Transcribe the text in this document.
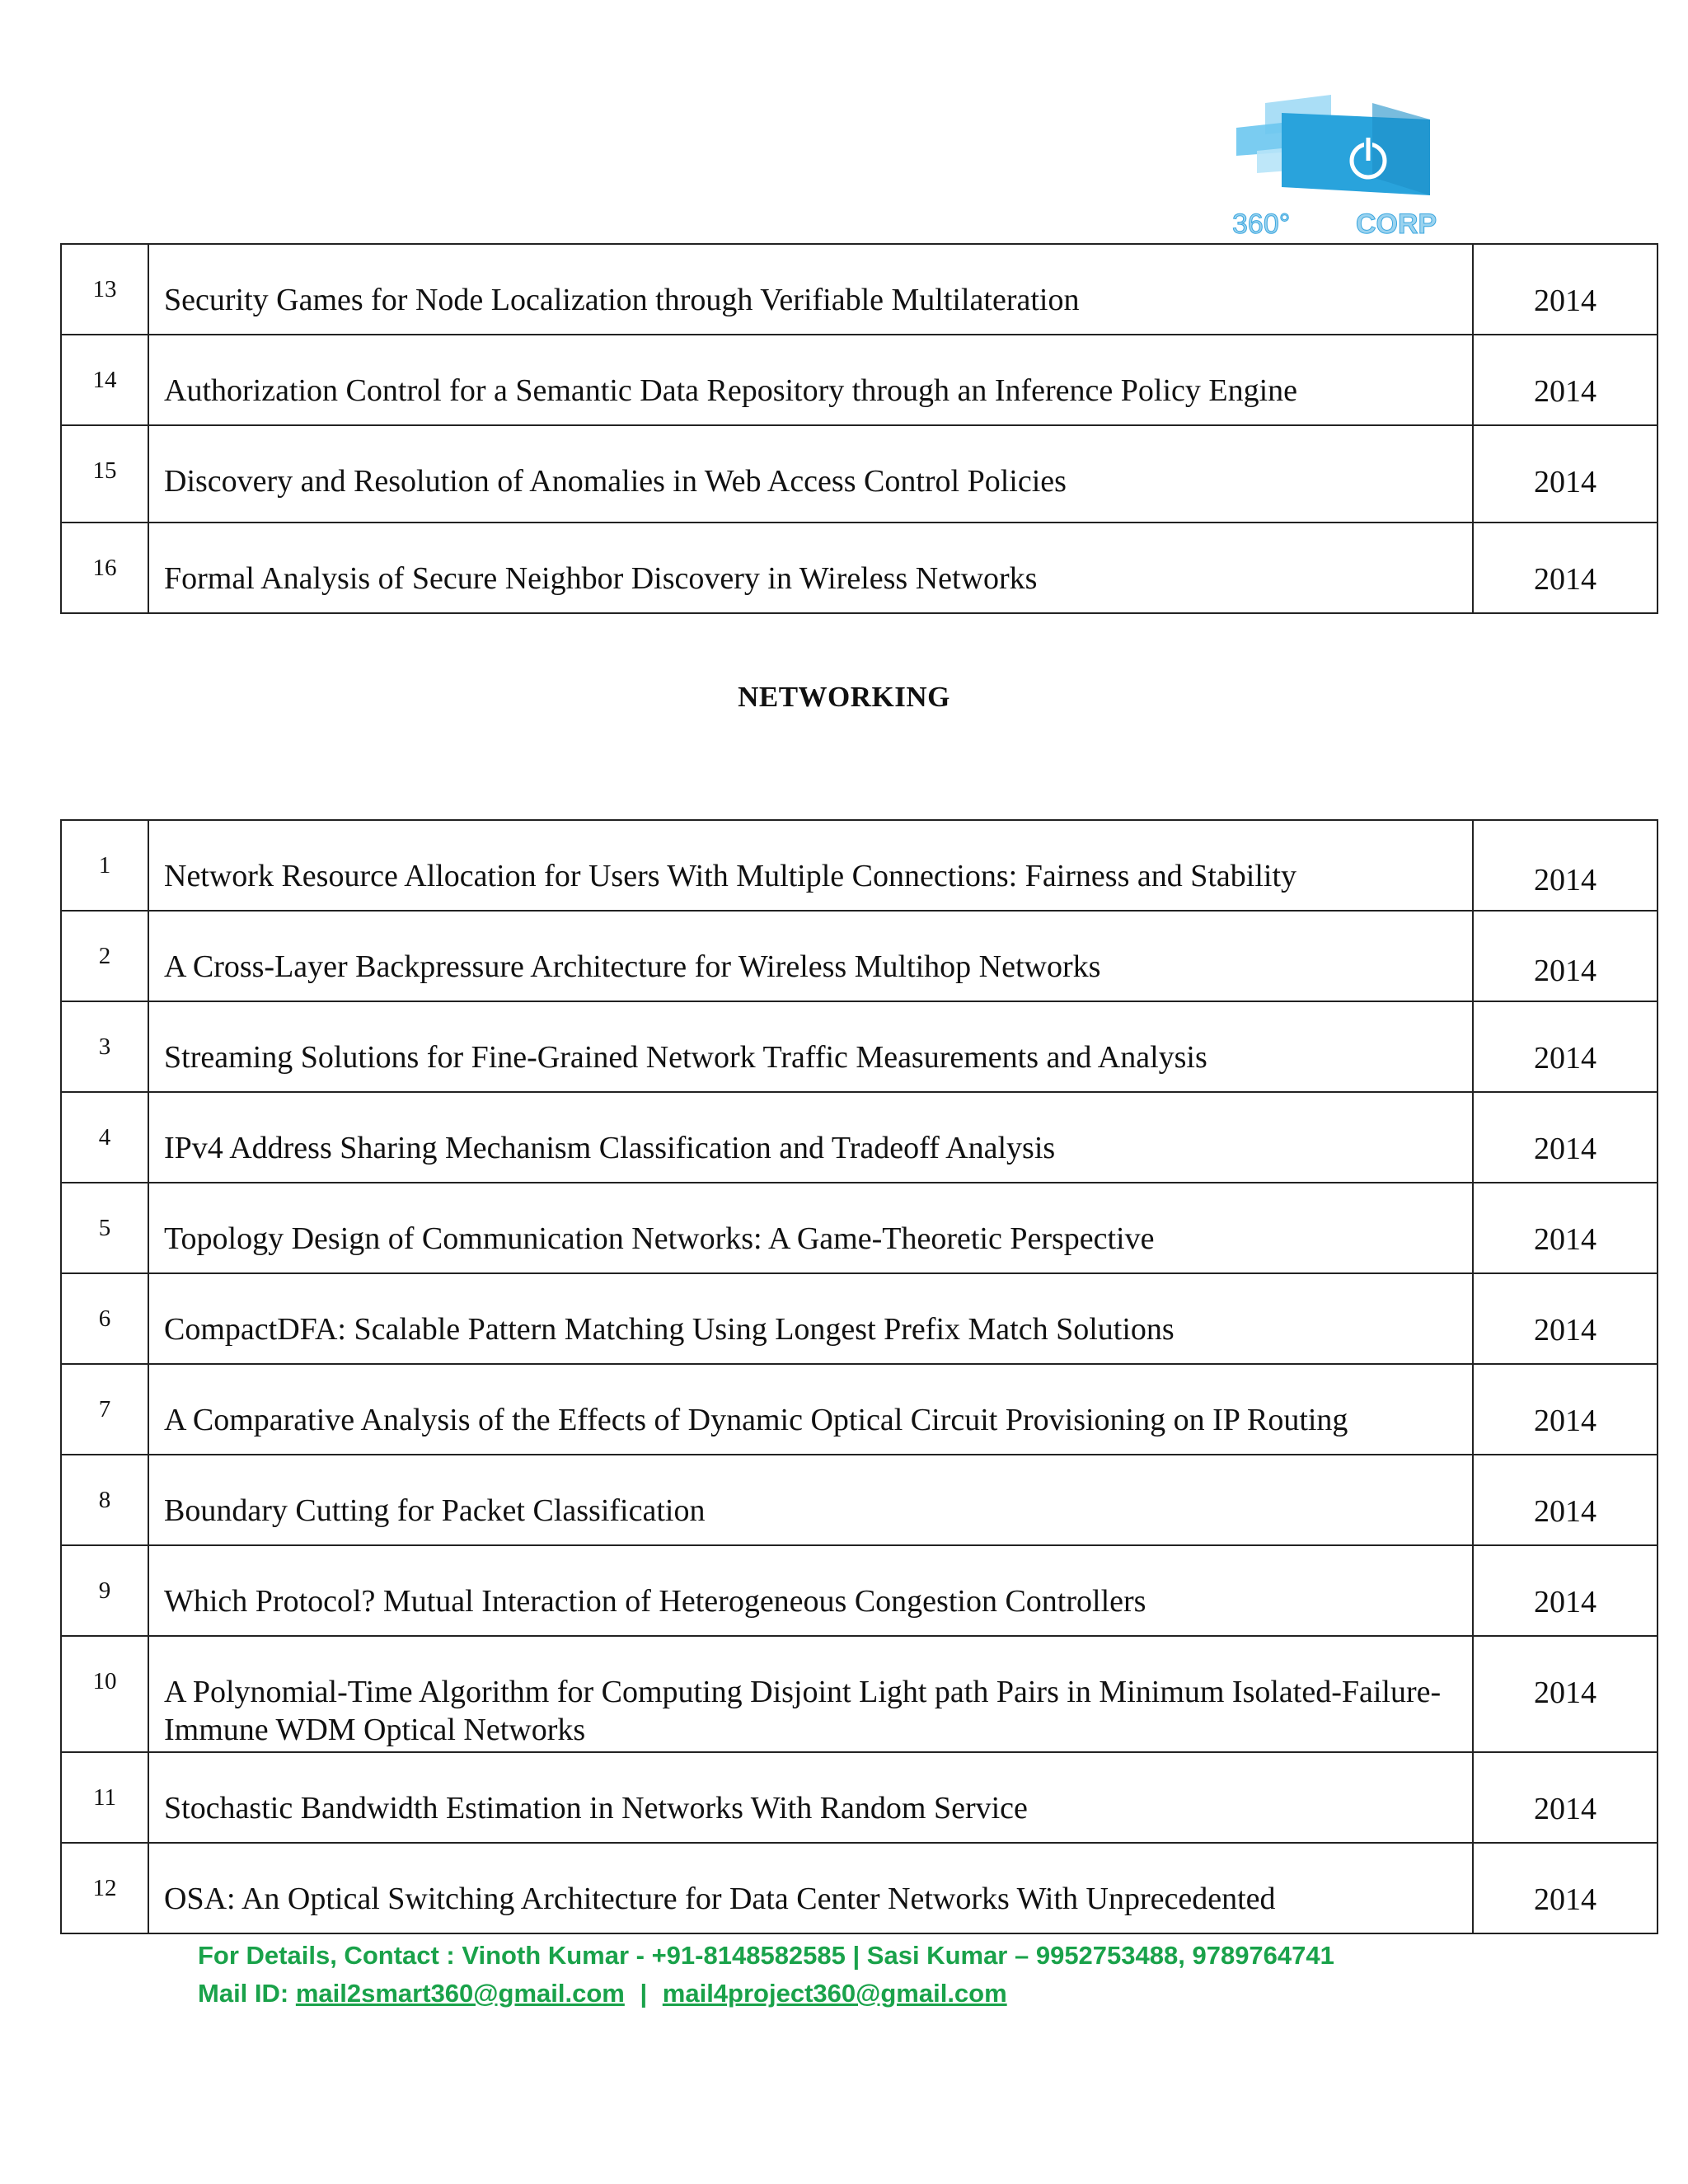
360° CORP
13	Security Games for Node Localization through Verifiable Multilateration	2014

14	Authorization Control for a Semantic Data Repository through an Inference Policy Engine	2014

15	Discovery and Resolution of Anomalies in Web Access Control Policies	2014

16	Formal Analysis of Secure Neighbor Discovery in Wireless Networks	2014
NETWORKING
1	Network Resource Allocation for Users With Multiple Connections: Fairness and Stability	2014

2	A Cross-Layer Backpressure Architecture for Wireless Multihop Networks	2014

3	Streaming Solutions for Fine-Grained Network Traffic Measurements and Analysis	2014

4	IPv4 Address Sharing Mechanism Classification and Tradeoff Analysis	2014

5	Topology Design of Communication Networks: A Game-Theoretic Perspective	2014

6	CompactDFA: Scalable Pattern Matching Using Longest Prefix Match Solutions	2014

7	A Comparative Analysis of the Effects of Dynamic Optical Circuit Provisioning on IP Routing	2014

8	Boundary Cutting for Packet Classification	2014

9	Which Protocol? Mutual Interaction of Heterogeneous Congestion Controllers	2014

10	A Polynomial-Time Algorithm for Computing Disjoint Light path Pairs in Minimum Isolated-Failure-Immune WDM Optical Networks	2014

11	Stochastic Bandwidth Estimation in Networks With Random Service	2014

12	OSA: An Optical Switching Architecture for Data Center Networks With Unprecedented	2014
For Details, Contact : Vinoth Kumar - +91-8148582585 | Sasi Kumar – 9952753488, 9789764741
Mail ID: mail2smart360@gmail.com | mail4project360@gmail.com
